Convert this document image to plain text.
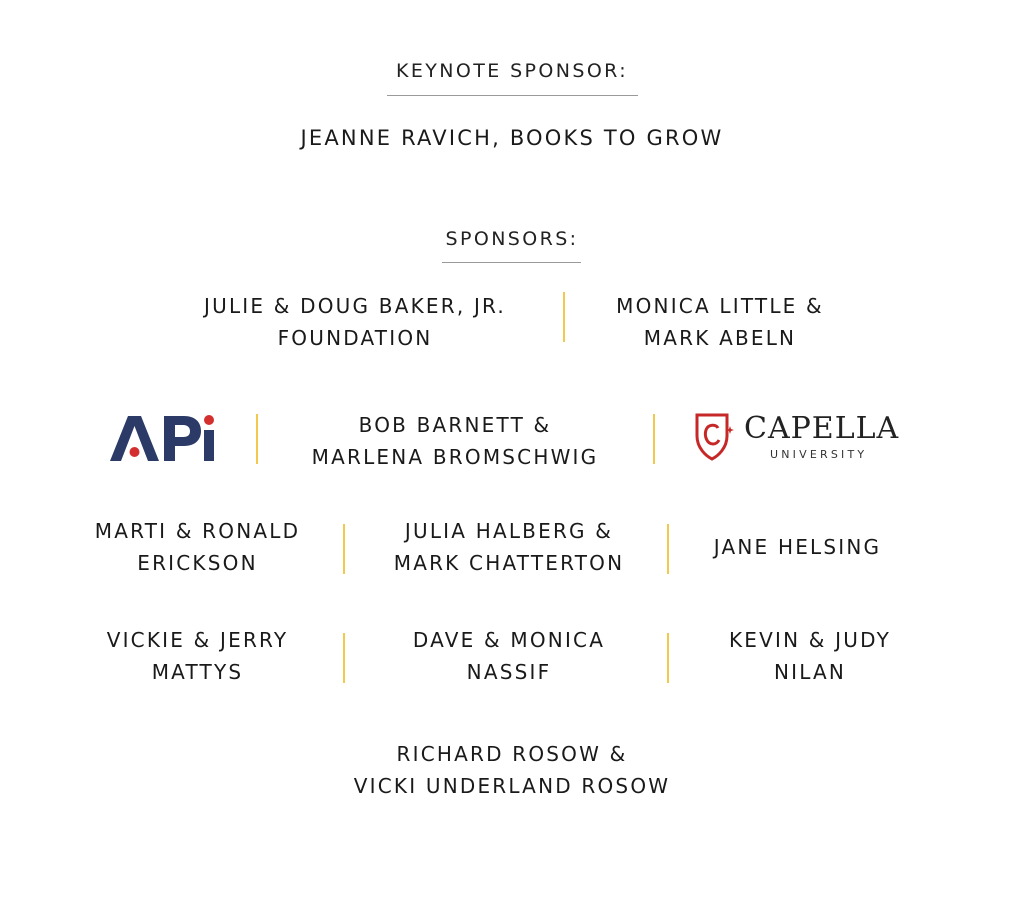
KEYNOTE SPONSOR:
JEANNE RAVICH, BOOKS TO GROW
SPONSORS:
JULIE & DOUG BAKER, JR.
FOUNDATION
MONICA LITTLE &
MARK ABELN
BOB BARNETT &
MARLENA BROMSCHWIG
CAPELLA
UNIVERSITY
MARTI & RONALD
ERICKSON
JULIA HALBERG &
MARK CHATTERTON
JANE HELSING
VICKIE & JERRY
MATTYS
DAVE & MONICA
NASSIF
KEVIN & JUDY
NILAN
RICHARD ROSOW &
VICKI UNDERLAND ROSOW
